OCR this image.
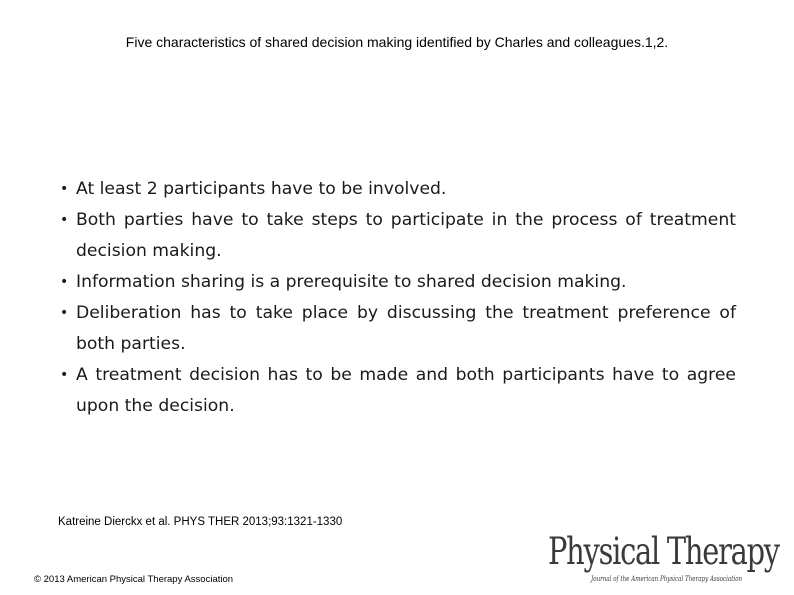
Five characteristics of shared decision making identified by Charles and colleagues.1,2.
• At least 2 participants have to be involved.
• Both parties have to take steps to participate in the process of treatment decision making.
• Information sharing is a prerequisite to shared decision making.
• Deliberation has to take place by discussing the treatment preference of both parties.
• A treatment decision has to be made and both participants have to agree upon the decision.
Katreine Dierckx et al. PHYS THER 2013;93:1321-1330
© 2013 American Physical Therapy Association
Physical Therapy
Journal of the American Physical Therapy Association
